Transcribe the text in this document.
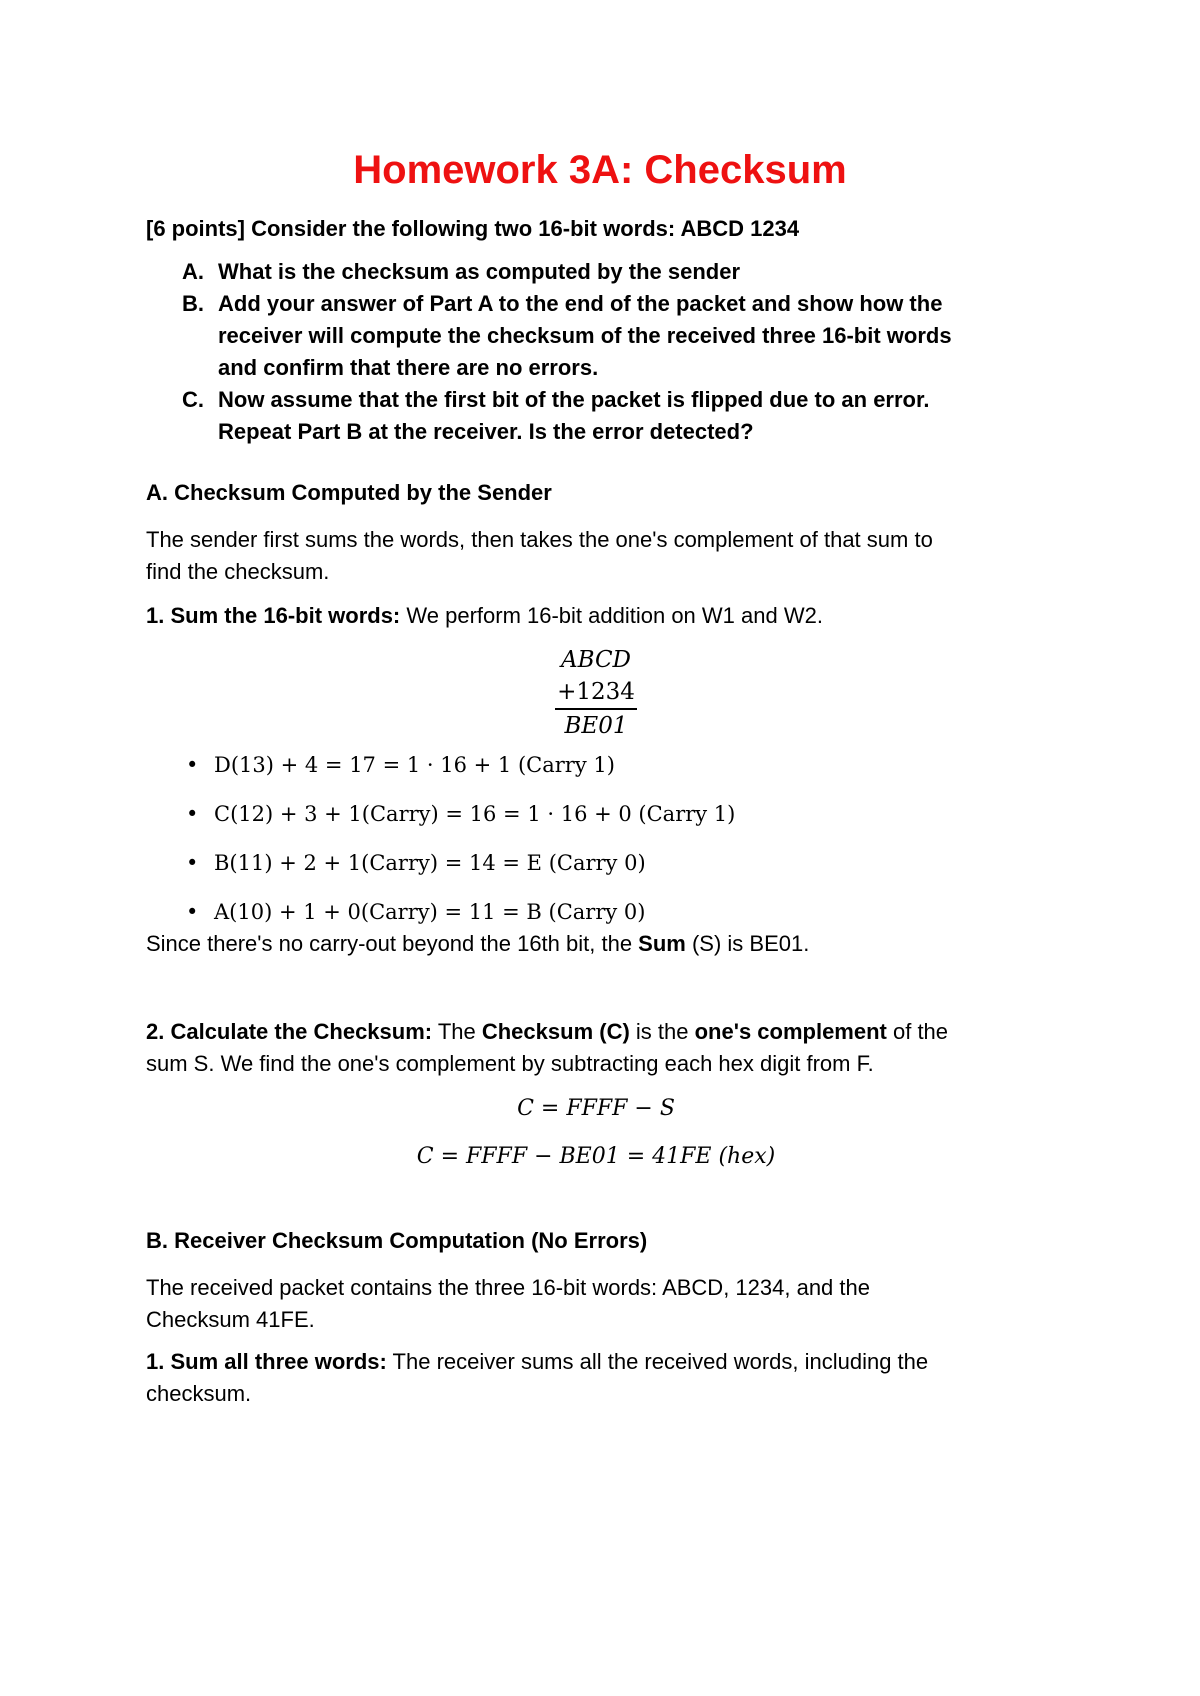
Homework 3A: Checksum

[6 points] Consider the following two 16-bit words: ABCD 1234

A. What is the checksum as computed by the sender
B. Add your answer of Part A to the end of the packet and show how the
receiver will compute the checksum of the received three 16-bit words
and confirm that there are no errors.
C. Now assume that the first bit of the packet is flipped due to an error.
Repeat Part B at the receiver. Is the error detected?

A. Checksum Computed by the Sender

The sender first sums the words, then takes the one's complement of that sum to

find the checksum.

1. Sum the 16-bit words: We perform 16-bit addition on W1 and W2.

ABCD
+1234
BE01
• D(13) + 4 = 17 = 1 · 16 + 1 (Carry 1)
• C(12) + 3 + 1(Carry) = 16 = 1 · 16 + 0 (Carry 1)
• B(11) + 2 + 1(Carry) = 14 = E (Carry 0)
• A(10) + 1 + 0(Carry) = 11 = B (Carry 0)

Since there's no carry-out beyond the 16th bit, the Sum (S) is BE01.

2. Calculate the Checksum: The Checksum (C) is the one's complement of the

sum S. We find the one's complement by subtracting each hex digit from F.

C = FFFF − S
C = FFFF − BE01 = 41FE (hex)

B. Receiver Checksum Computation (No Errors)

The received packet contains the three 16-bit words: ABCD, 1234, and the

Checksum 41FE.

1. Sum all three words: The receiver sums all the received words, including the

checksum.
